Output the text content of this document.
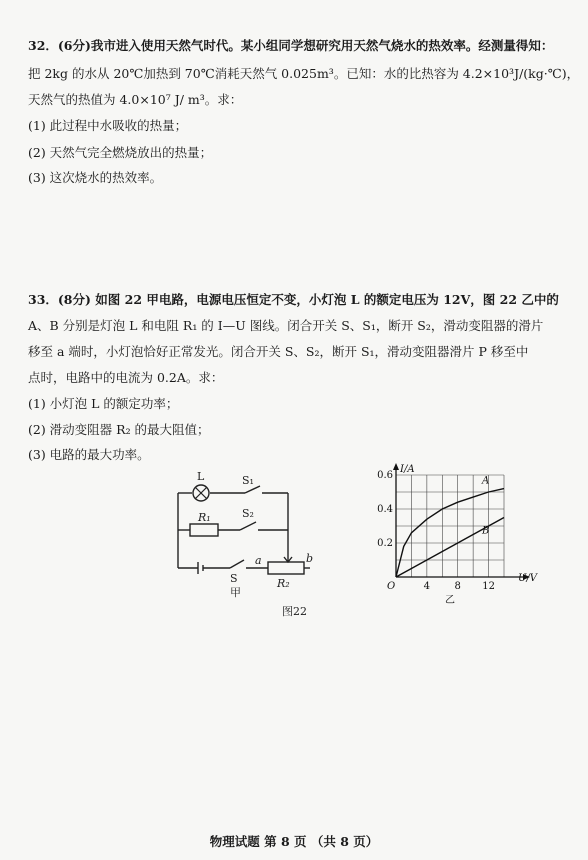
32．(6分)我市进入使用天然气时代。某小组同学想研究用天然气烧水的热效率。经测量得知：
把 2kg 的水从 20℃加热到 70℃消耗天然气 0.025m³。已知：水的比热容为 4.2×10³J/(kg·℃)，
天然气的热值为 4.0×10⁷ J/ m³。求：
(1) 此过程中水吸收的热量；
(2) 天然气完全燃烧放出的热量；
(3) 这次烧水的热效率。
33．(8分) 如图 22 甲电路，电源电压恒定不变，小灯泡 L 的额定电压为 12V，图 22 乙中的
A、B 分别是灯泡 L 和电阻 R₁ 的 I—U 图线。闭合开关 S、S₁，断开 S₂，滑动变阻器的滑片
移至 a 端时，小灯泡恰好正常发光。闭合开关 S、S₂，断开 S₁，滑动变阻器滑片 P 移至中
点时，电路中的电流为 0.2A。求：
(1) 小灯泡 L 的额定功率；
(2) 滑动变阻器 R₂ 的最大阻值；
(3) 电路的最大功率。
L	S₁
R₁	S₂
S
a	b
R₂
甲	4 8 12
0.2
0.4
0.6
O
I/A
U/V
乙
A
B
图22
物理试题 第 8 页 （共 8 页）
